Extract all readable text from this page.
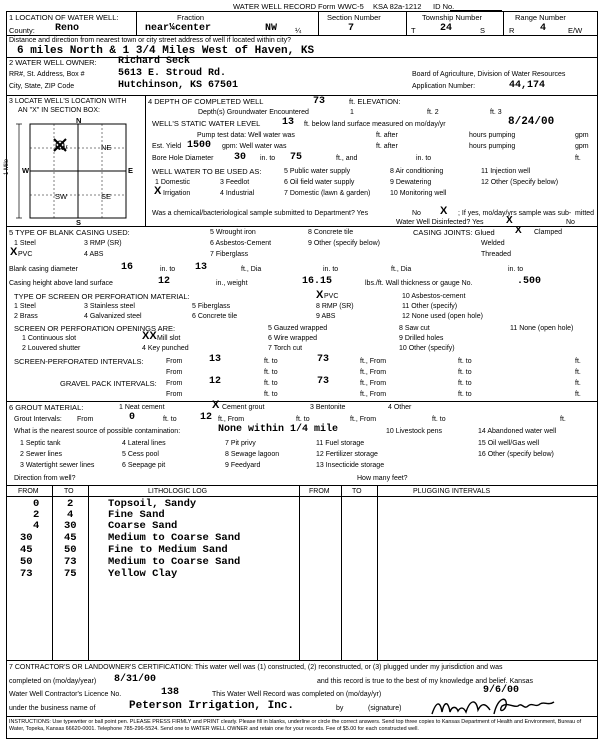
WATER WELL RECORD Form WWC-5 KSA 82a-1212 ID No.
1 LOCATION OF WATER WELL:
County: Reno
Fraction
near¼center	NW ¼
Section Number
7
Township Number
T 24	S
Range Number
R	4	E/W
Distance and direction from nearest town or city street address of well if located within city?
6 miles North & 1 3/4 Miles West of Haven, KS
2 WATER WELL OWNER: Richard Seck
RR#, St. Address, Box #	5613 E. Stroud Rd.
City, State, ZIP Code	Hutchinson, KS 67501
Board of Agriculture, Division of Water Resources
Application Number:	44,174
3 LOCATE WELL'S LOCATION WITH
AN "X" IN SECTION BOX:
N
S
W	E
NW	NE
SW	SE
1 Mile
4 DEPTH OF COMPLETED WELL	73	ft. ELEVATION:
Depth(s) Groundwater Encountered	1	ft. 2	ft. 3
WELL'S STATIC WATER LEVEL 13 ft. below land surface measured on mo/day/yr	8/24/00
Pump test data: Well water was	ft. after	hours pumping	gpm
Est. Yield 1500 gpm: Well water was	ft. after	hours pumping	gpm
Bore Hole Diameter 30 in. to 75	ft., and	in. to	ft.
WELL WATER TO BE USED AS:	5 Public water supply	8 Air conditioning	11 Injection well
1 Domestic	3 Feedlot	6 Oil field water supply	9 Dewatering	12 Other (Specify below)
X Irrigation	4 Industrial	7 Domestic (lawn & garden)	10 Monitoring well
Was a chemical/bacteriological sample submitted to Department? Yes	No X ; If yes, mo/day/yrs sample was sub- mitted
Water Well Disinfected? Yes X	No
5 TYPE OF BLANK CASING USED:	5 Wrought iron	8 Concrete tile	CASING JOINTS: Glued X Clamped
1 Steel	3 RMP (SR)	6 Asbestos-Cement	9 Other (specify below)	Welded
X PVC	4 ABS	7 Fiberglass	Threaded
Blank casing diameter	16	in. to 13	ft., Dia	in. to	ft., Dia	in. to
Casing height above land surface	12	in., weight	16.15	lbs./ft. Wall thickness or gauge No.	.500
TYPE OF SCREEN OR PERFORATION MATERIAL:	X PVC	10 Asbestos-cement
1 Steel	3 Stainless steel	5 Fiberglass	8 RMP (SR)	11 Other (specify)
2 Brass	4 Galvanized steel	6 Concrete tile	9 ABS	12 None used (open hole)
SCREEN OR PERFORATION OPENINGS ARE:	5 Gauzed wrapped	8 Saw cut	11 None (open hole)
1 Continuous slot	XX Mill slot	6 Wire wrapped	9 Drilled holes
2 Louvered shutter	4 Key punched	7 Torch cut	10 Other (specify)
SCREEN-PERFORATED INTERVALS:	From	13	ft. to	73	ft., From	ft. to	ft.
From	ft. to	ft., From	ft. to	ft.
GRAVEL PACK INTERVALS: From	12	ft. to	73	ft., From	ft. to	ft.
From	ft. to	ft., From	ft. to	ft.
6 GROUT MATERIAL:	1 Neat cement	X Cement grout	3 Bentonite	4 Other
Grout Intervals: From	0	ft. to 12 ft., From	ft. to	ft., From	ft. to	ft.
What is the nearest source of possible contamination:	None within 1/4 mile	10 Livestock pens	14 Abandoned water well
1 Septic tank	4 Lateral lines	7 Pit privy	11 Fuel storage	15 Oil well/Gas well
2 Sewer lines	5 Cess pool	8 Sewage lagoon	12 Fertilizer storage	16 Other (specify below)
3 Watertight sewer lines	6 Seepage pit	9 Feedyard	13 Insecticide storage
Direction from well?	How many feet?
FROM	TO	LITHOLOGIC LOG	FROM	TO	PLUGGING INTERVALS
0	2	Topsoil, Sandy
2	4	Fine Sand
4 30	Coarse Sand
30	45	Medium to Coarse Sand
45	50	Fine to Medium Sand
50	73	Medium to Coarse Sand
73	75	Yellow Clay
7 CONTRACTOR'S OR LANDOWNER'S CERTIFICATION: This water well was (1) constructed, (2) reconstructed, or (3) plugged under my jurisdiction and was
completed on (mo/day/year) 8/31/00	and this record is true to the best of my knowledge and belief. Kansas
Water Well Contractor's Licence No.	138	This Water Well Record was completed on (mo/day/yr)	9/6/00
under the business name of	Peterson Irrigation, Inc.	by	(signature)
INSTRUCTIONS: Use typewriter or ball point pen. PLEASE PRESS FIRMLY and PRINT clearly. Please fill in blanks, underline or circle the correct answers. Send top three copies to Kansas Department of Health and Environment, Bureau of Water, Topeka, Kansas 66620-0001. Telephone 785-296-5524. Send one to WATER WELL OWNER and retain one for your records. Fee of $5.00 for each constructed well.
